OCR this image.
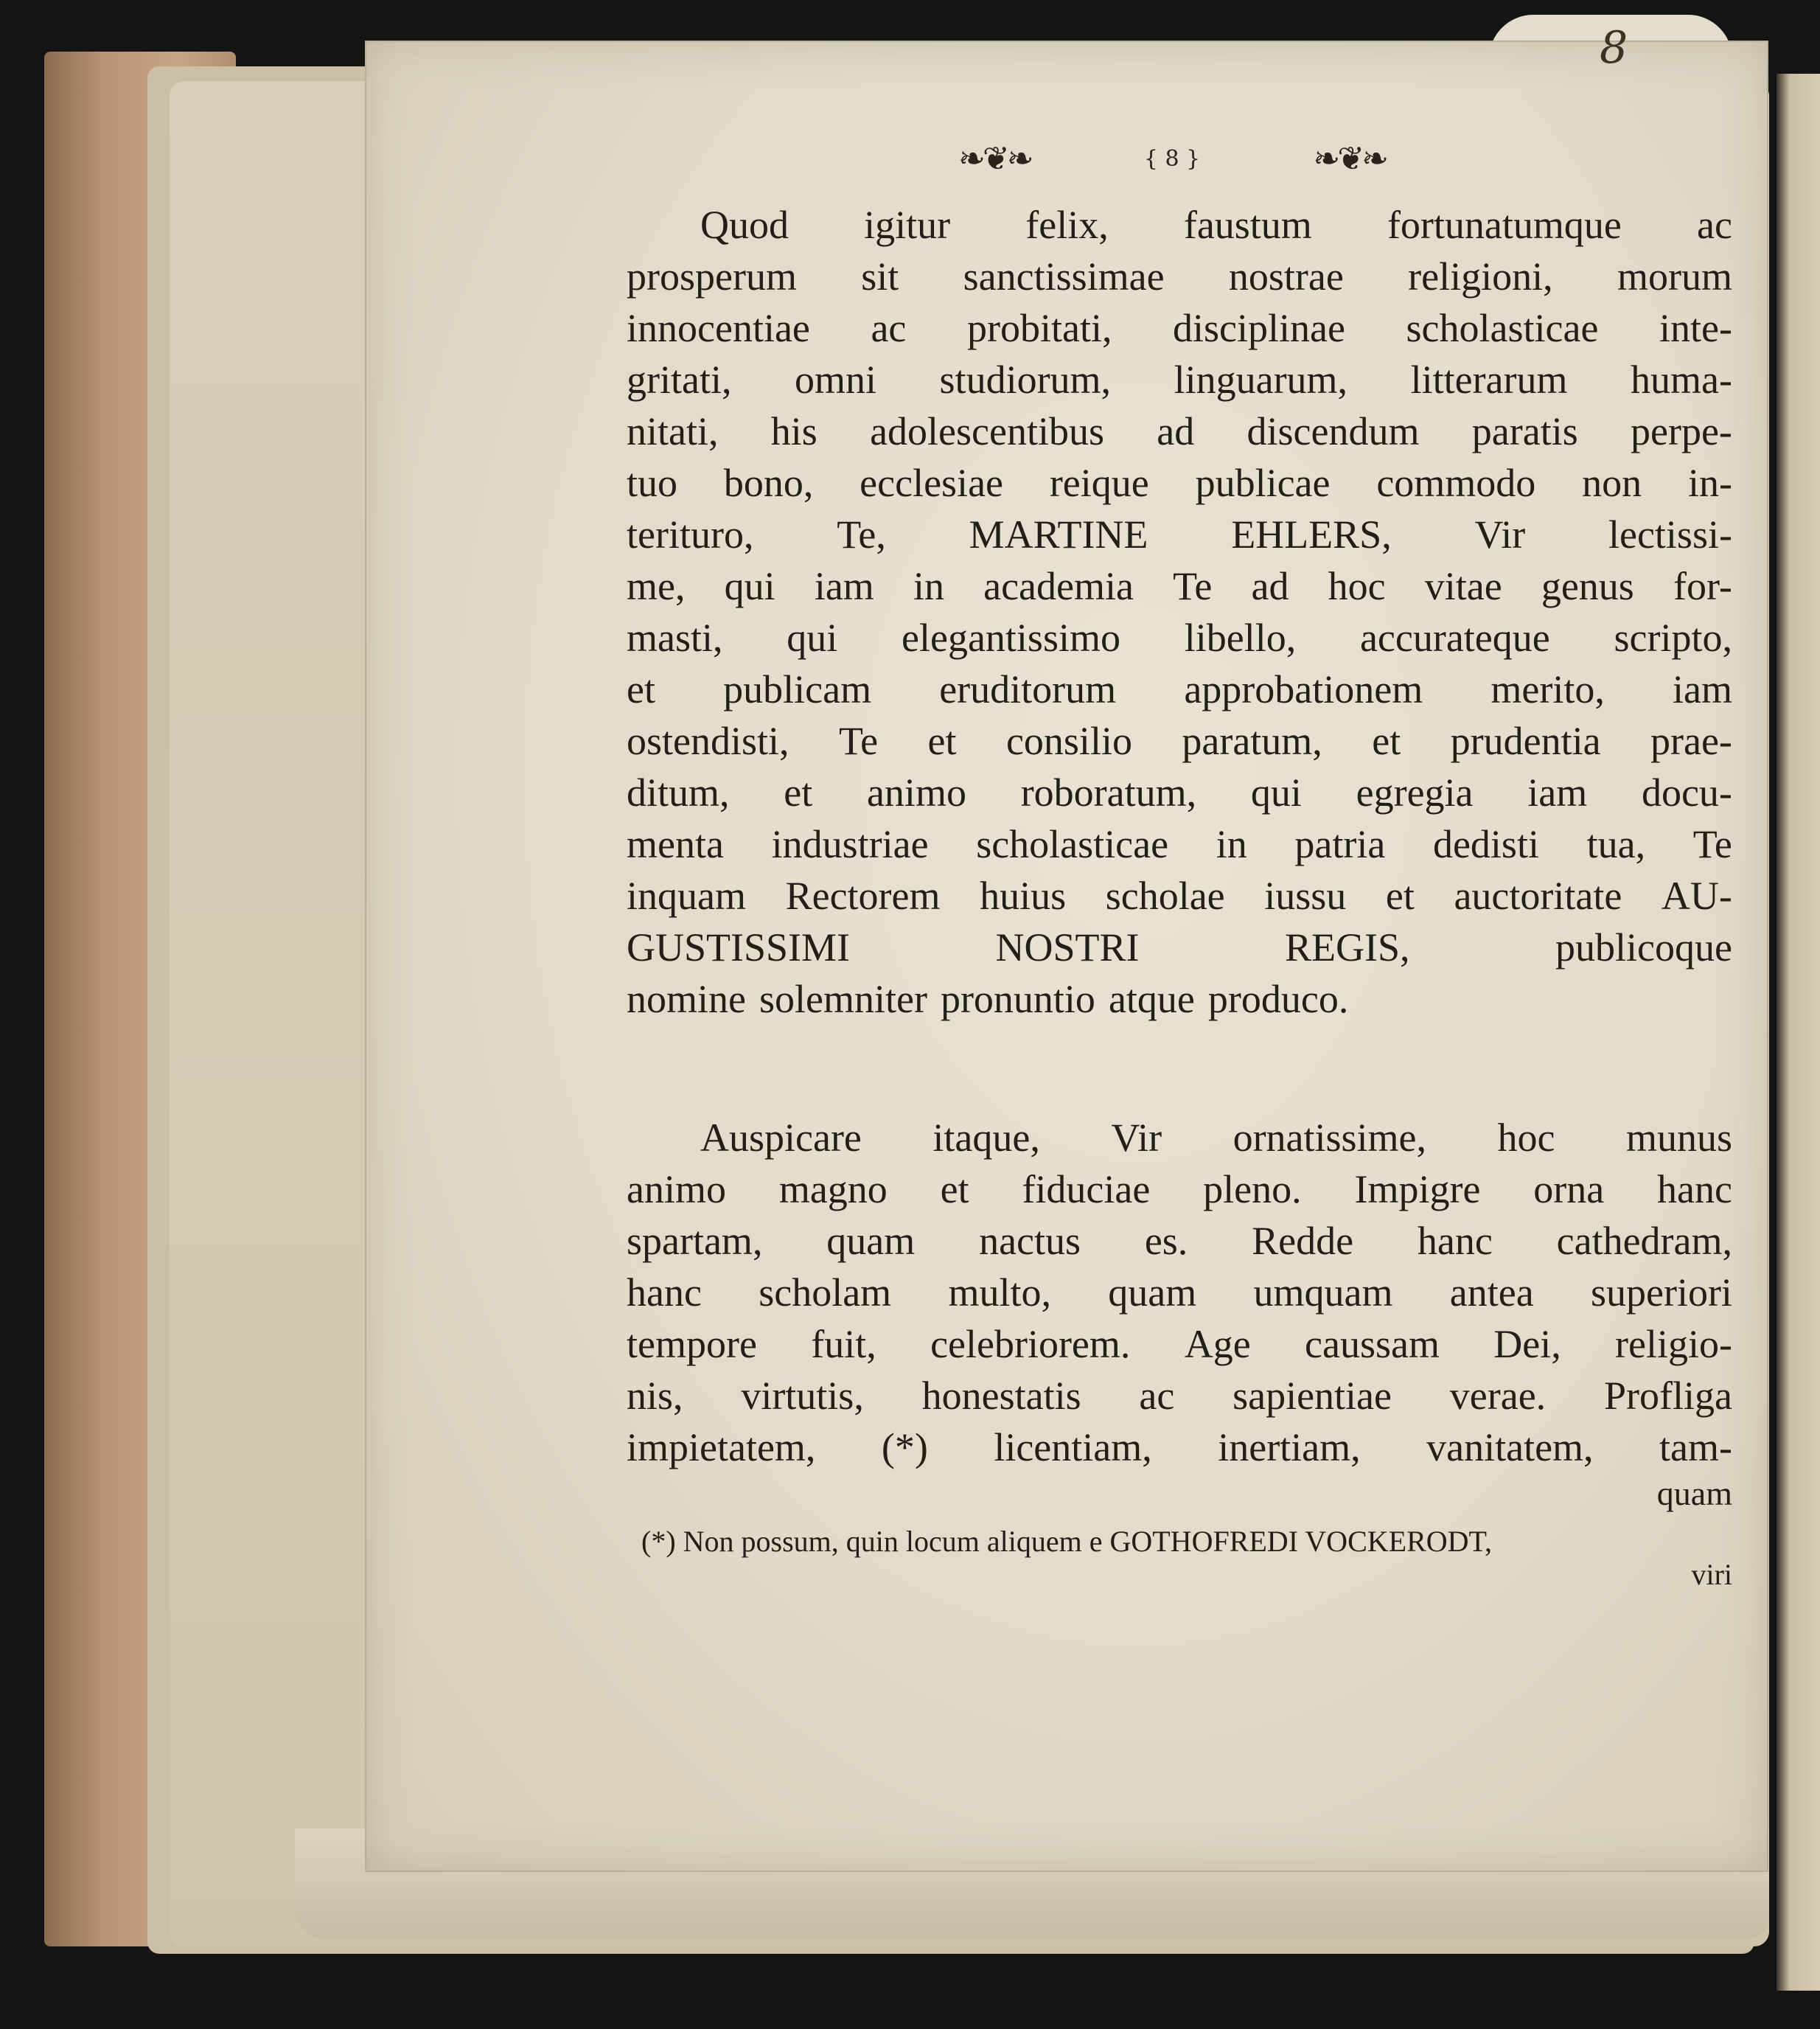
8
❧❦❧	{ 8 }	❧❦❧
Quod igitur felix, faustum fortunatumque ac
prosperum sit sanctissimae nostrae religioni, morum
innocentiae ac probitati, disciplinae scholasticae inte-
gritati, omni studiorum, linguarum, litterarum huma-
nitati, his adolescentibus ad discendum paratis perpe-
tuo bono, ecclesiae reique publicae commodo non in-
terituro, Te, MARTINE EHLERS, Vir lectissi-
me, qui iam in academia Te ad hoc vitae genus for-
masti, qui elegantissimo libello, accurateque scripto,
et publicam eruditorum approbationem merito, iam
ostendisti, Te et consilio paratum, et prudentia prae-
ditum, et animo roboratum, qui egregia iam docu-
menta industriae scholasticae in patria dedisti tua, Te
inquam Rectorem huius scholae iussu et auctoritate AU-
GUSTISSIMI	NOSTRI	REGIS,	publicoque
nomine solemniter pronuntio atque produco.
Auspicare itaque, Vir ornatissime, hoc munus
animo magno et fiduciae pleno. Impigre orna hanc
spartam, quam nactus es. Redde hanc cathedram,
hanc scholam multo, quam umquam antea superiori
tempore fuit, celebriorem. Age caussam Dei, religio-
nis, virtutis, honestatis ac sapientiae verae. Profliga
impietatem, (*) licentiam, inertiam, vanitatem, tam-
quam
(*) Non possum, quin locum aliquem e GOTHOFREDI VOCKERODT,
viri
